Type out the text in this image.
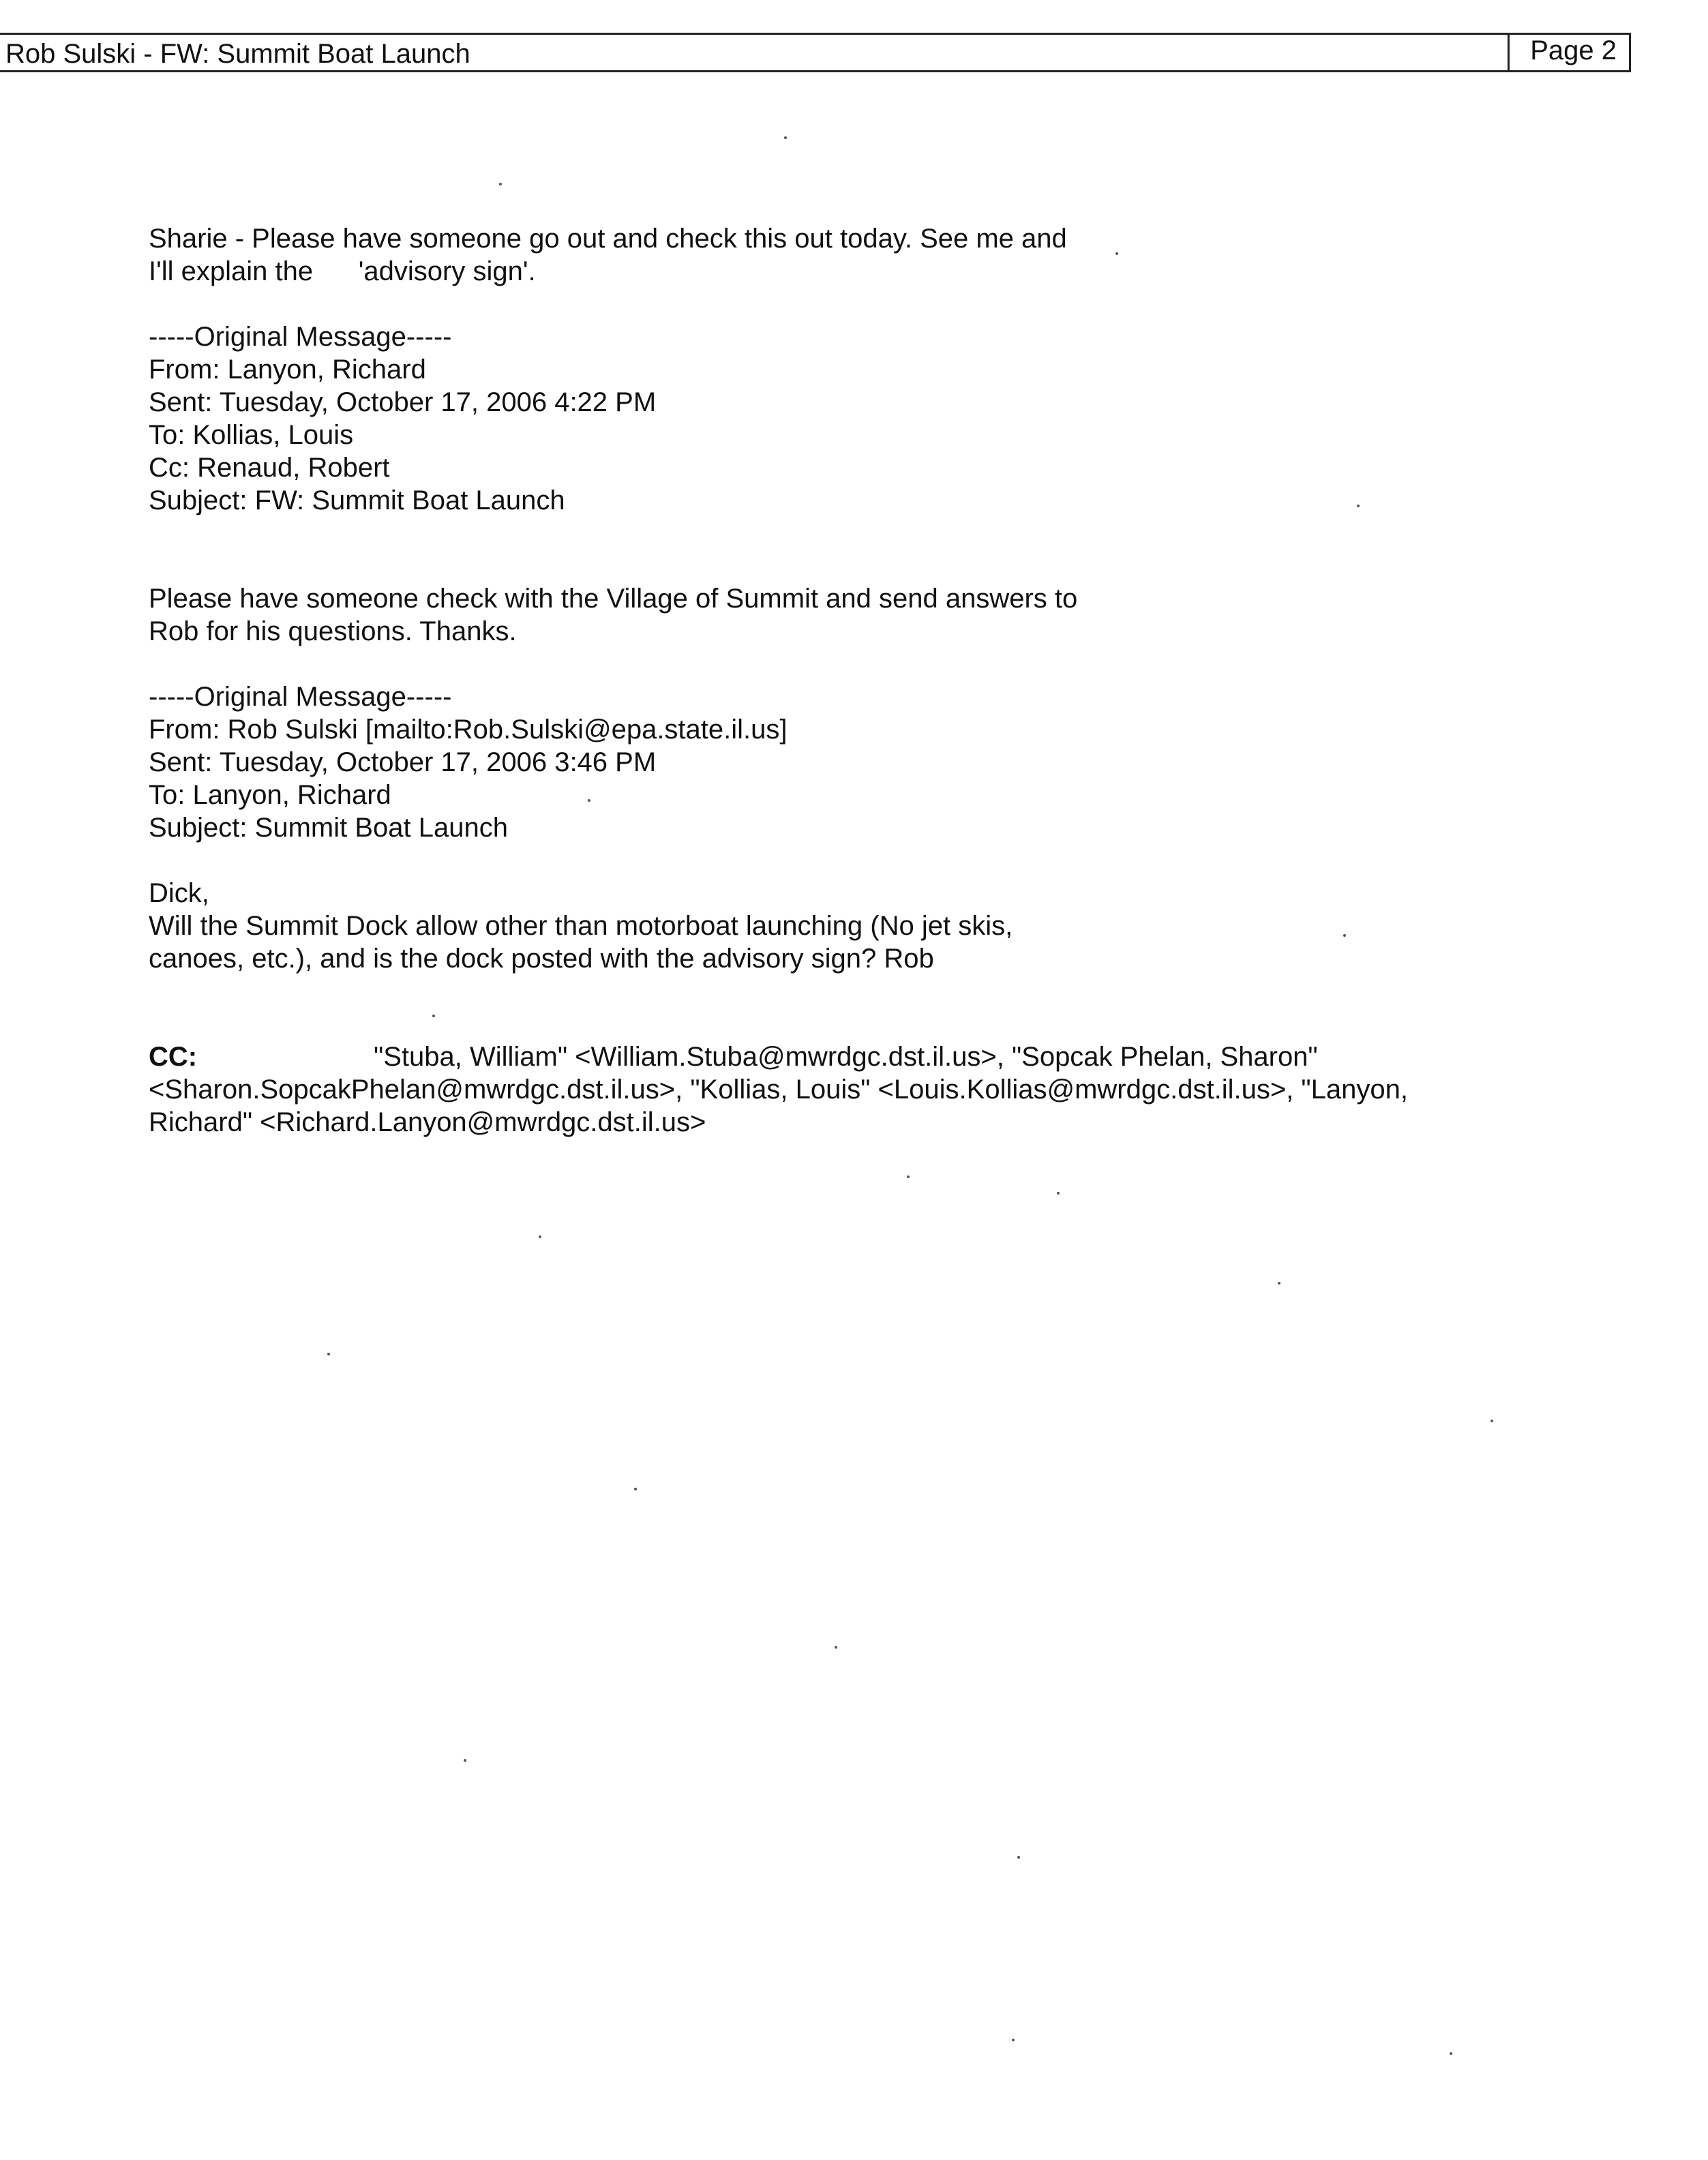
Rob Sulski - FW: Summit Boat Launch	Page 2
Sharie - Please have someone go out and check this out today. See me and
I'll explain the      'advisory sign'.
-----Original Message-----
From: Lanyon, Richard
Sent: Tuesday, October 17, 2006 4:22 PM
To: Kollias, Louis
Cc: Renaud, Robert
Subject: FW: Summit Boat Launch
Please have someone check with the Village of Summit and send answers to
Rob for his questions. Thanks.
-----Original Message-----
From: Rob Sulski [mailto:Rob.Sulski@epa.state.il.us]
Sent: Tuesday, October 17, 2006 3:46 PM
To: Lanyon, Richard
Subject: Summit Boat Launch
Dick,
Will the Summit Dock allow other than motorboat launching (No jet skis,
canoes, etc.), and is the dock posted with the advisory sign? Rob
CC:	"Stuba, William" <William.Stuba@mwrdgc.dst.il.us>, "Sopcak Phelan, Sharon"
<Sharon.SopcakPhelan@mwrdgc.dst.il.us>, "Kollias, Louis" <Louis.Kollias@mwrdgc.dst.il.us>, "Lanyon,
Richard" <Richard.Lanyon@mwrdgc.dst.il.us>
